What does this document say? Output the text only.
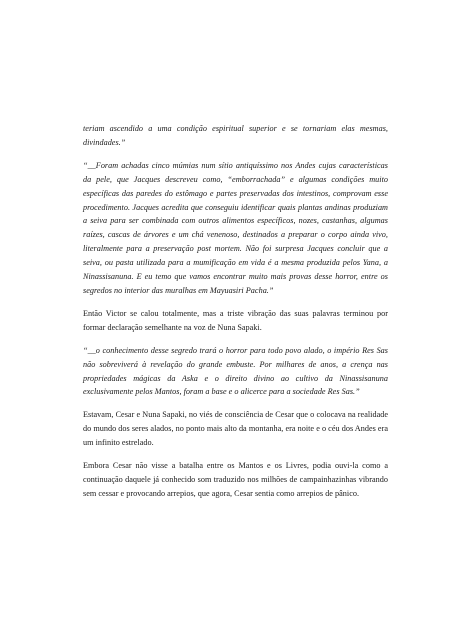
teriam ascendido a uma condição espiritual superior e se tornariam elas mesmas, divindades.”

“__Foram achadas cinco múmias num sítio antiquíssimo nos Andes cujas características da pele, que Jacques descreveu como, “emborrachada” e algumas condições muito específicas das paredes do estômago e partes preservadas dos intestinos, comprovam esse procedimento. Jacques acredita que conseguiu identificar quais plantas andinas produziam a seiva para ser combinada com outros alimentos específicos, nozes, castanhas, algumas raízes, cascas de árvores e um chá venenoso, destinados a preparar o corpo ainda vivo, literalmente para a preservação post mortem. Não foi surpresa Jacques concluir que a seiva, ou pasta utilizada para a mumificação em vida é a mesma produzida pelos Yana, a Ninassisanuna. E eu temo que vamos encontrar muito mais provas desse horror, entre os segredos no interior das muralhas em Mayuasiri Pacha.”

Então Victor se calou totalmente, mas a triste vibração das suas palavras terminou por formar declaração semelhante na voz de Nuna Sapaki.

“__o conhecimento desse segredo trará o horror para todo povo alado, o império Res Sas não sobreviverá à revelação do grande embuste. Por milhares de anos, a crença nas propriedades mágicas da Aska e o direito divino ao cultivo da Ninassisanuna exclusivamente pelos Mantos, foram a base e o alicerce para a sociedade Res Sas.”

Estavam, Cesar e Nuna Sapaki, no viés de consciência de Cesar que o colocava na realidade do mundo dos seres alados, no ponto mais alto da montanha, era noite e o céu dos Andes era um infinito estrelado.

Embora Cesar não visse a batalha entre os Mantos e os Livres, podia ouvi-la como a continuação daquele já conhecido som traduzido nos milhões de campainhazinhas vibrando sem cessar e provocando arrepios, que agora, Cesar sentia como arrepios de pânico.
